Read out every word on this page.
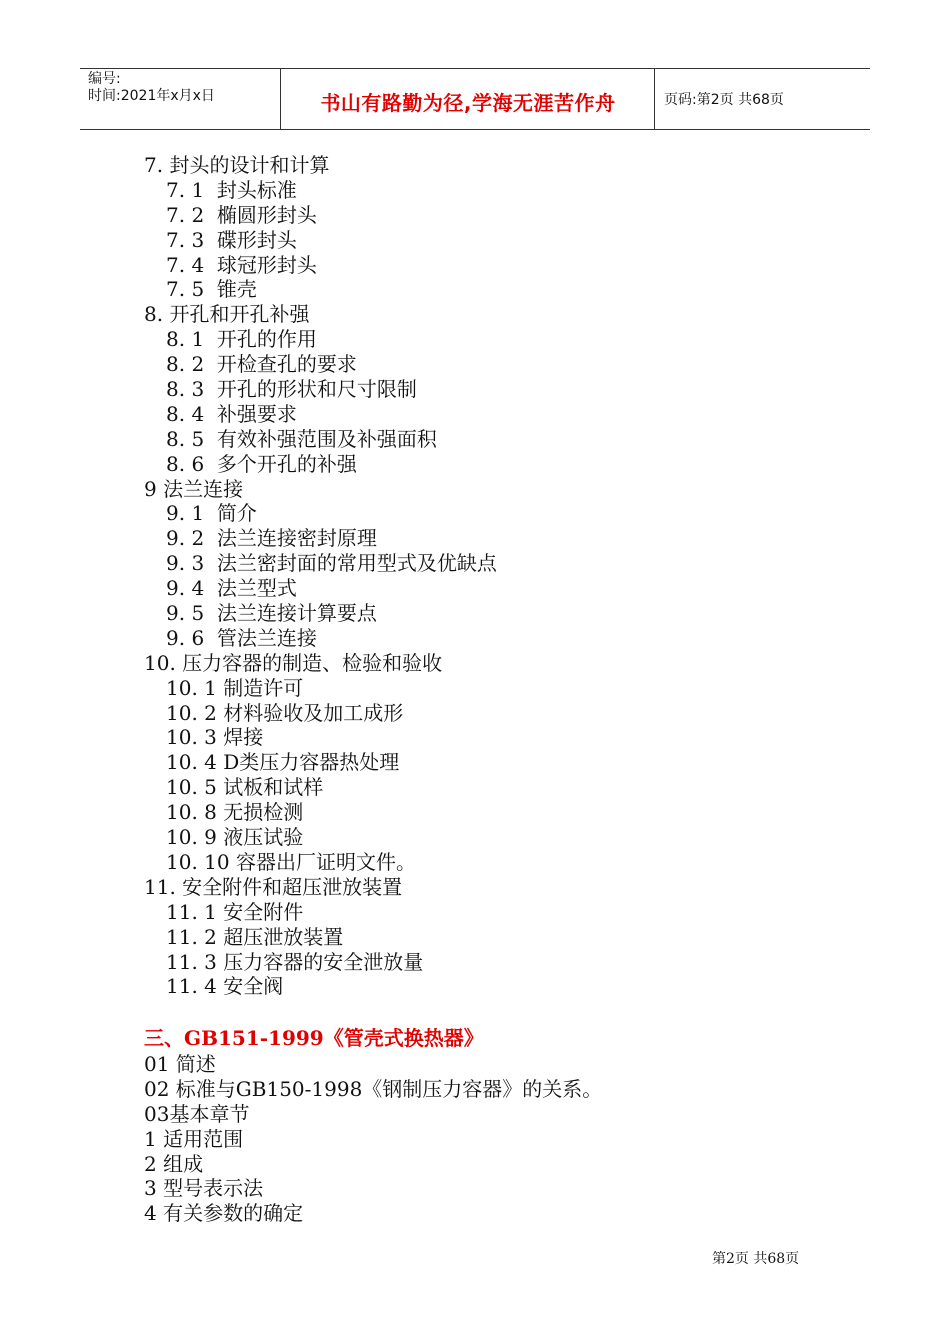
编号:
时间:2021年x月x日	书山有路勤为径,学海无涯苦作舟	页码:第2页 共68页
7. 封头的设计和计算
7. 1  封头标准
7. 2  椭圆形封头
7. 3  碟形封头
7. 4  球冠形封头
7. 5  锥壳
8. 开孔和开孔补强
8. 1  开孔的作用
8. 2  开检查孔的要求
8. 3  开孔的形状和尺寸限制
8. 4  补强要求
8. 5  有效补强范围及补强面积
8. 6  多个开孔的补强
9 法兰连接
9. 1  简介
9. 2  法兰连接密封原理
9. 3  法兰密封面的常用型式及优缺点
9. 4  法兰型式
9. 5  法兰连接计算要点
9. 6  管法兰连接
10. 压力容器的制造、检验和验收
10. 1 制造许可
10. 2 材料验收及加工成形
10. 3 焊接
10. 4 D类压力容器热处理
10. 5 试板和试样
10. 8 无损检测
10. 9 液压试验
10. 10 容器出厂证明文件。
11. 安全附件和超压泄放装置
11. 1 安全附件
11. 2 超压泄放装置
11. 3 压力容器的安全泄放量
11. 4 安全阀
三、GB151-1999《管壳式换热器》
01 简述
02 标准与GB150-1998《钢制压力容器》的关系。
03基本章节
1 适用范围
2 组成
3 型号表示法
4 有关参数的确定
第2页 共68页
